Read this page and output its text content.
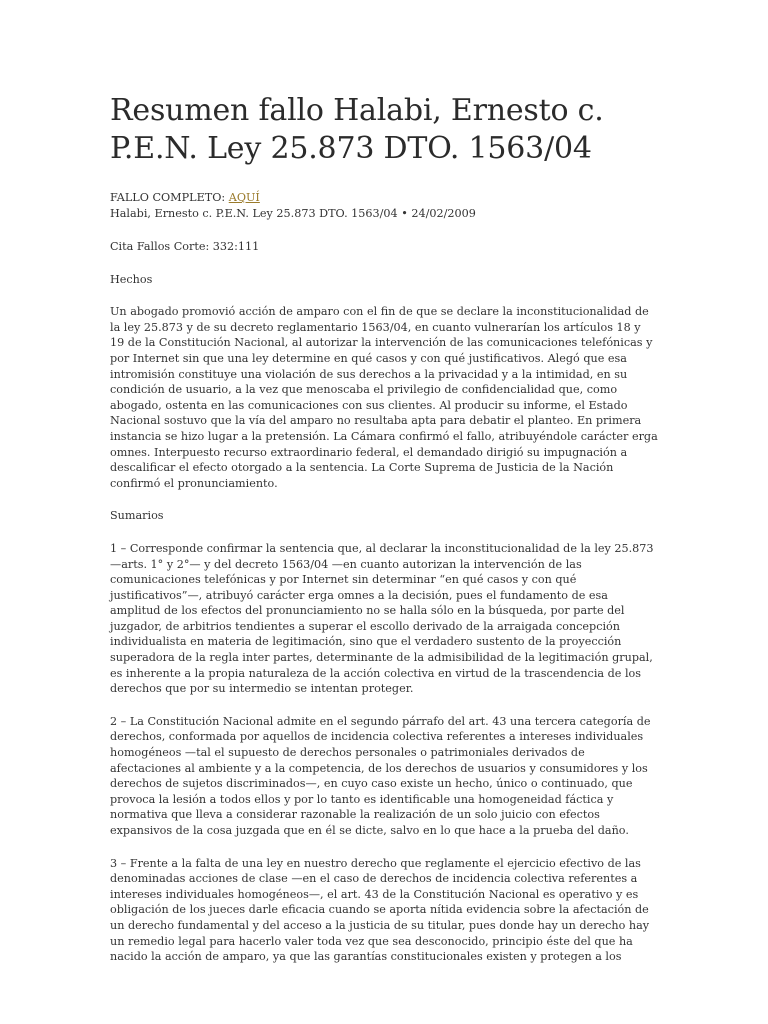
Resumen fallo Halabi, Ernesto c. P.E.N. Ley 25.873 DTO. 1563/04
FALLO COMPLETO: AQUÍ
Halabi, Ernesto c. P.E.N. Ley 25.873 DTO. 1563/04 • 24/02/2009

Cita Fallos Corte: 332:111

Hechos

Un abogado promovió acción de amparo con el fin de que se declare la inconstitucionalidad de la ley 25.873 y de su decreto reglamentario 1563/04, en cuanto vulnerarían los artículos 18 y 19 de la Constitución Nacional, al autorizar la intervención de las comunicaciones telefónicas y por Internet sin que una ley determine en qué casos y con qué justificativos. Alegó que esa intromisión constituye una violación de sus derechos a la privacidad y a la intimidad, en su condición de usuario, a la vez que menoscaba el privilegio de confidencialidad que, como abogado, ostenta en las comunicaciones con sus clientes. Al producir su informe, el Estado Nacional sostuvo que la vía del amparo no resultaba apta para debatir el planteo. En primera instancia se hizo lugar a la pretensión. La Cámara confirmó el fallo, atribuyéndole carácter erga omnes. Interpuesto recurso extraordinario federal, el demandado dirigió su impugnación a descalificar el efecto otorgado a la sentencia. La Corte Suprema de Justicia de la Nación confirmó el pronunciamiento.

Sumarios

1 – Corresponde confirmar la sentencia que, al declarar la inconstitucionalidad de la ley 25.873 —arts. 1° y 2°— y del decreto 1563/04 —en cuanto autorizan la intervención de las comunicaciones telefónicas y por Internet sin determinar “en qué casos y con qué justificativos”—, atribuyó carácter erga omnes a la decisión, pues el fundamento de esa amplitud de los efectos del pronunciamiento no se halla sólo en la búsqueda, por parte del juzgador, de arbitrios tendientes a superar el escollo derivado de la arraigada concepción individualista en materia de legitimación, sino que el verdadero sustento de la proyección superadora de la regla inter partes, determinante de la admisibilidad de la legitimación grupal, es inherente a la propia naturaleza de la acción colectiva en virtud de la trascendencia de los derechos que por su intermedio se intentan proteger.

2 – La Constitución Nacional admite en el segundo párrafo del art. 43 una tercera categoría de derechos, conformada por aquellos de incidencia colectiva referentes a intereses individuales homogéneos —tal el supuesto de derechos personales o patrimoniales derivados de afectaciones al ambiente y a la competencia, de los derechos de usuarios y consumidores y los derechos de sujetos discriminados—, en cuyo caso existe un hecho, único o continuado, que provoca la lesión a todos ellos y por lo tanto es identificable una homogeneidad fáctica y normativa que lleva a considerar razonable la realización de un solo juicio con efectos expansivos de la cosa juzgada que en él se dicte, salvo en lo que hace a la prueba del daño.

3 – Frente a la falta de una ley en nuestro derecho que reglamente el ejercicio efectivo de las denominadas acciones de clase —en el caso de derechos de incidencia colectiva referentes a intereses individuales homogéneos—, el art. 43 de la Constitución Nacional es operativo y es obligación de los jueces darle eficacia cuando se aporta nítida evidencia sobre la afectación de un derecho fundamental y del acceso a la justicia de su titular, pues donde hay un derecho hay un remedio legal para hacerlo valer toda vez que sea desconocido, principio éste del que ha nacido la acción de amparo, ya que las garantías constitucionales existen y protegen a los
